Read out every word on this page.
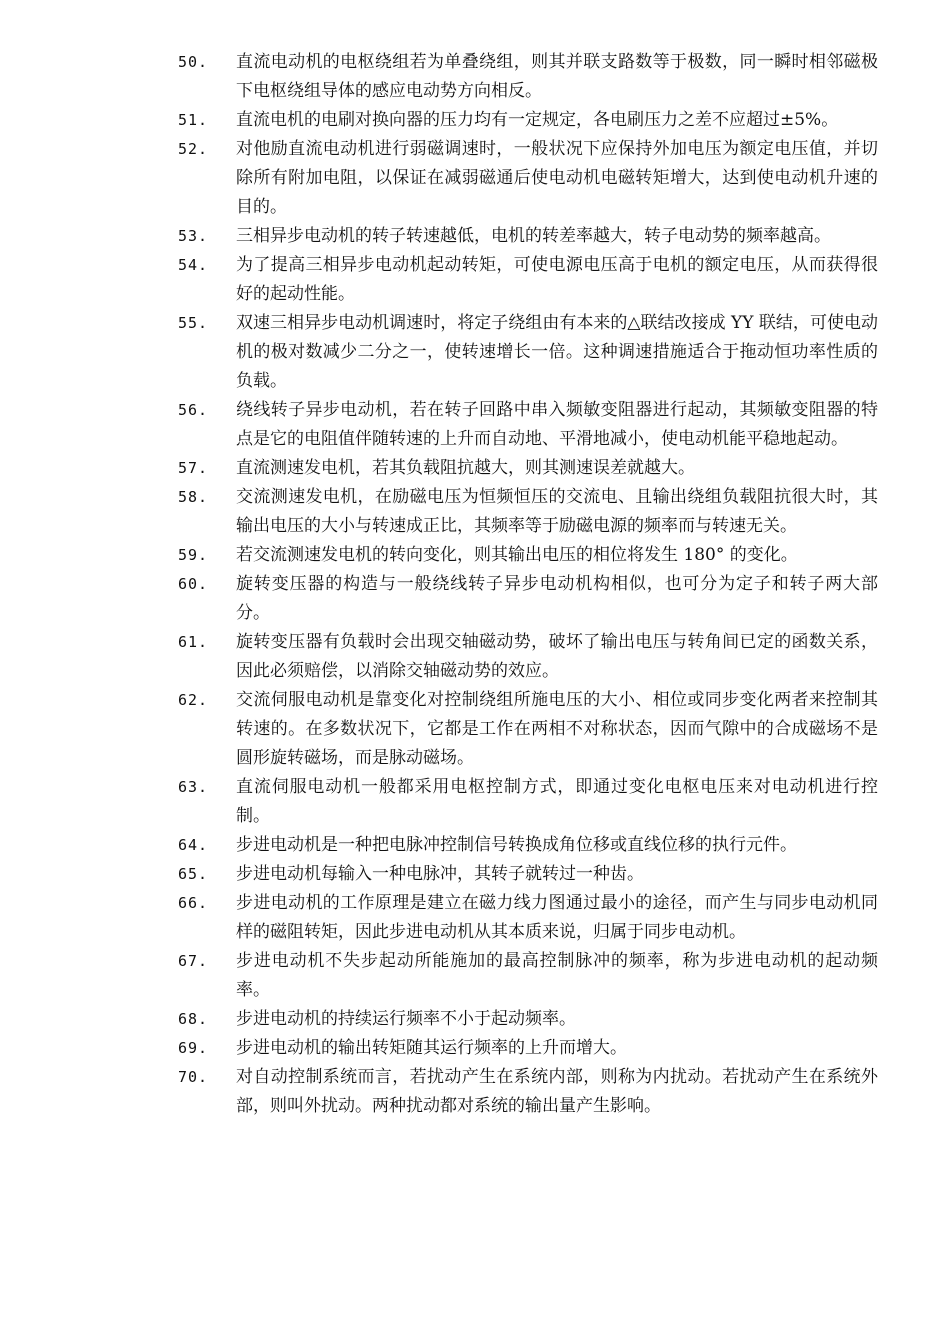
50.	直流电动机的电枢绕组若为单叠绕组，则其并联支路数等于极数，同一瞬时相邻磁极下电枢绕组导体的感应电动势方向相反。
51.	直流电机的电刷对换向器的压力均有一定规定，各电刷压力之差不应超过±5%。
52.	对他励直流电动机进行弱磁调速时，一般状况下应保持外加电压为额定电压值，并切除所有附加电阻，以保证在减弱磁通后使电动机电磁转矩增大，达到使电动机升速的目的。
53.	三相异步电动机的转子转速越低，电机的转差率越大，转子电动势的频率越高。
54.	为了提高三相异步电动机起动转矩，可使电源电压高于电机的额定电压，从而获得很好的起动性能。
55.	双速三相异步电动机调速时，将定子绕组由有本来的△联结改接成 YY 联结，可使电动机的极对数减少二分之一，使转速增长一倍。这种调速措施适合于拖动恒功率性质的负载。
56.	绕线转子异步电动机，若在转子回路中串入频敏变阻器进行起动，其频敏变阻器的特点是它的电阻值伴随转速的上升而自动地、平滑地减小，使电动机能平稳地起动。
57.	直流测速发电机，若其负载阻抗越大，则其测速误差就越大。
58.	交流测速发电机，在励磁电压为恒频恒压的交流电、且输出绕组负载阻抗很大时，其输出电压的大小与转速成正比，其频率等于励磁电源的频率而与转速无关。
59.	若交流测速发电机的转向变化，则其输出电压的相位将发生 180° 的变化。
60.	旋转变压器的构造与一般绕线转子异步电动机构相似，也可分为定子和转子两大部分。
61.	旋转变压器有负载时会出现交轴磁动势，破坏了输出电压与转角间已定的函数关系，因此必须赔偿，以消除交轴磁动势的效应。
62.	交流伺服电动机是靠变化对控制绕组所施电压的大小、相位或同步变化两者来控制其转速的。在多数状况下，它都是工作在两相不对称状态，因而气隙中的合成磁场不是圆形旋转磁场，而是脉动磁场。
63.	直流伺服电动机一般都采用电枢控制方式，即通过变化电枢电压来对电动机进行控制。
64.	步进电动机是一种把电脉冲控制信号转换成角位移或直线位移的执行元件。
65.	步进电动机每输入一种电脉冲，其转子就转过一种齿。
66.	步进电动机的工作原理是建立在磁力线力图通过最小的途径，而产生与同步电动机同样的磁阻转矩，因此步进电动机从其本质来说，归属于同步电动机。
67.	步进电动机不失步起动所能施加的最高控制脉冲的频率，称为步进电动机的起动频率。
68.	步进电动机的持续运行频率不小于起动频率。
69.	步进电动机的输出转矩随其运行频率的上升而增大。
70.	对自动控制系统而言，若扰动产生在系统内部，则称为内扰动。若扰动产生在系统外部，则叫外扰动。两种扰动都对系统的输出量产生影响。
